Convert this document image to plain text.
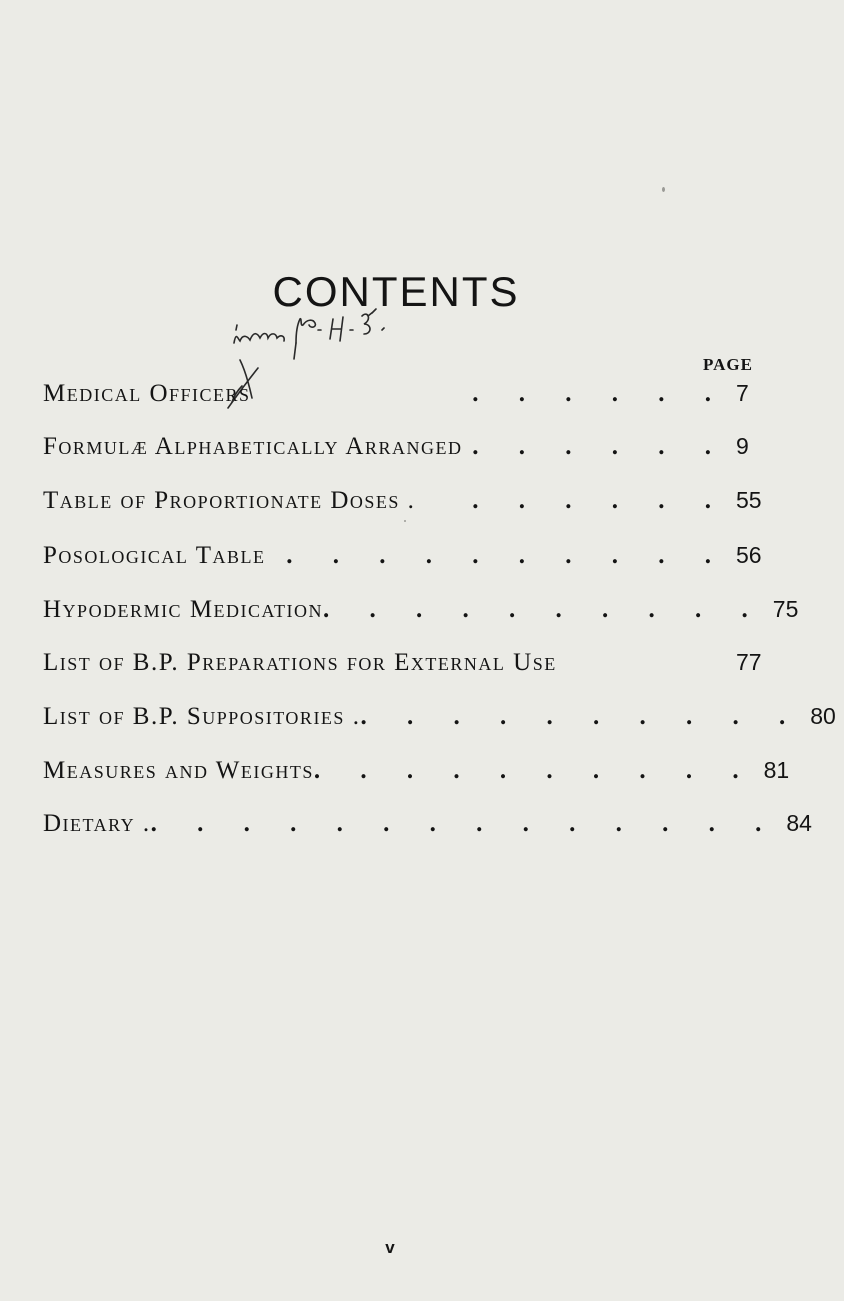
CONTENTS
PAGE
Medical Officers	. . . . . . 7
Formulæ Alphabetically Arranged . . . . . . 9
Table of Proportionate Doses .	. . . . . . 55
Posological Table . . . . . . . . . . 56
Hypodermic Medication . . . . . . . . . . 75
List of B.P. Preparations for External Use	77
List of B.P. Suppositories . . . . . . . . . . . 80
Measures and Weights . . . . . . . . . . 81
Dietary . . . . . . . . . . . . . . . 84
v
